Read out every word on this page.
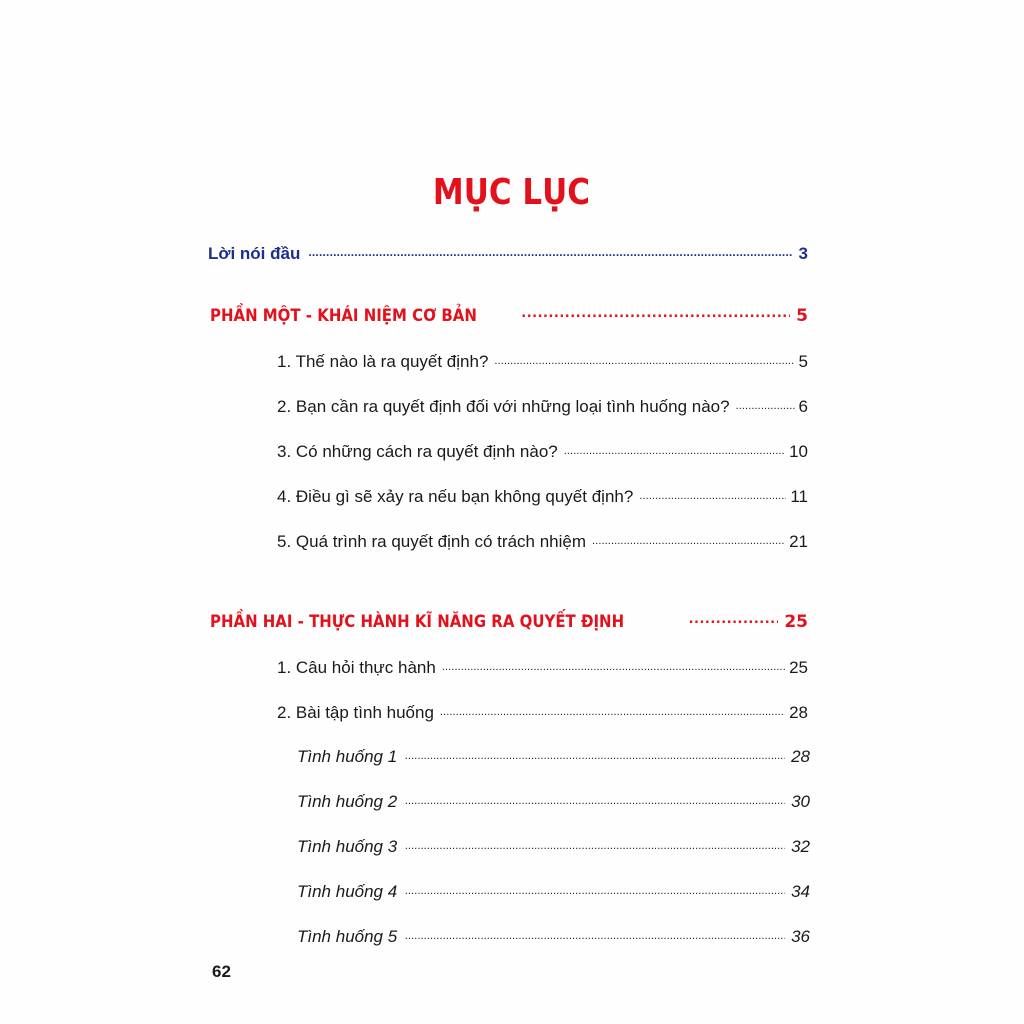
MỤC LỤC
Lời nói đầu .....	3
PHẦN MỘT - KHÁI NIỆM CƠ BẢN .....	5
1. Thế nào là ra quyết định? .....	5
2. Bạn cần ra quyết định đối với những loại tình huống nào? .....	6
3. Có những cách ra quyết định nào? .....	10
4. Điều gì sẽ xảy ra nếu bạn không quyết định? .....	11
5. Quá trình ra quyết định có trách nhiệm .....	21
PHẦN HAI - THỰC HÀNH KĨ NĂNG RA QUYẾT ĐỊNH .....	25
1. Câu hỏi thực hành .....	25
2. Bài tập tình huống .....	28
Tình huống 1 .....	28
Tình huống 2 .....	30
Tình huống 3 .....	32
Tình huống 4 .....	34
Tình huống 5 .....	36
62
